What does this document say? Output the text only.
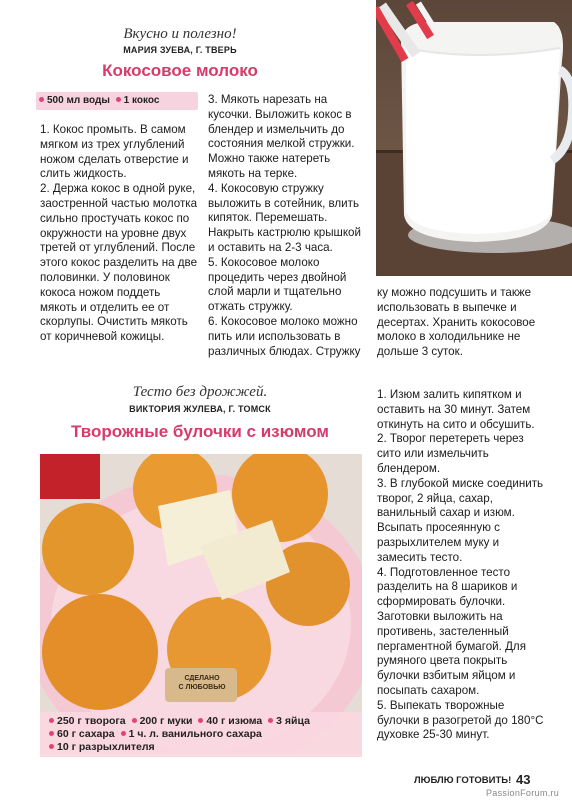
Вкусно и полезно!
МАРИЯ ЗУЕВА, Г. ТВЕРЬ
Кокосовое молоко
500 мл воды 1 кокос

1. Кокос промыть. В самом мягком из трех углублений ножом сделать отверстие и слить жидкость.

2. Держа кокос в одной руке, заостренной частью молотка сильно простучать кокос по окружности на уровне двух третей от углублений. После этого кокос разделить на две половинки. У половинок кокоса ножом поддеть мякоть и отделить ее от скорлупы. Очистить мякоть от коричневой кожицы.

3. Мякоть нарезать на кусочки. Выложить кокос в блендер и измельчить до состояния мелкой стружки. Можно также натереть мякоть на терке.

4. Кокосовую стружку выложить в сотейник, влить кипяток. Перемешать. Накрыть кастрюлю крышкой и оставить на 2-3 часа.

5. Кокосовое молоко процедить через двойной слой марли и тщательно отжать стружку.

6. Кокосовое молоко можно пить или использовать в различных блюдах. Стружку

ку можно подсушить и также использовать в выпечке и десертах. Хранить кокосовое молоко в холодильнике не дольше 3 суток.
Тесто без дрожжей.
ВИКТОРИЯ ЖУЛЕВА, Г. ТОМСК
Творожные булочки с изюмом
СДЕЛАНО
С ЛЮБОВЬЮ
250 г творога 200 г муки 40 г изюма 3 яйца
60 г сахара 1 ч. л. ванильного сахара
10 г разрыхлителя

1. Изюм залить кипятком и оставить на 30 минут. Затем откинуть на сито и обсушить.

2. Творог перетереть через сито или измельчить блендером.

3. В глубокой миске соединить творог, 2 яйца, сахар, ванильный сахар и изюм. Всыпать просеянную с разрыхлителем муку и замесить тесто.

4. Подготовленное тесто разделить на 8 шариков и сформировать булочки. Заготовки выложить на противень, застеленный пергаментной бумагой. Для румяного цвета покрыть булочки взбитым яйцом и посыпать сахаром.

5. Выпекать творожные булочки в разогретой до 180°С духовке 25-30 минут.

ЛЮБЛЮ ГОТОВИТЬ! 43
PassionForum.ru
